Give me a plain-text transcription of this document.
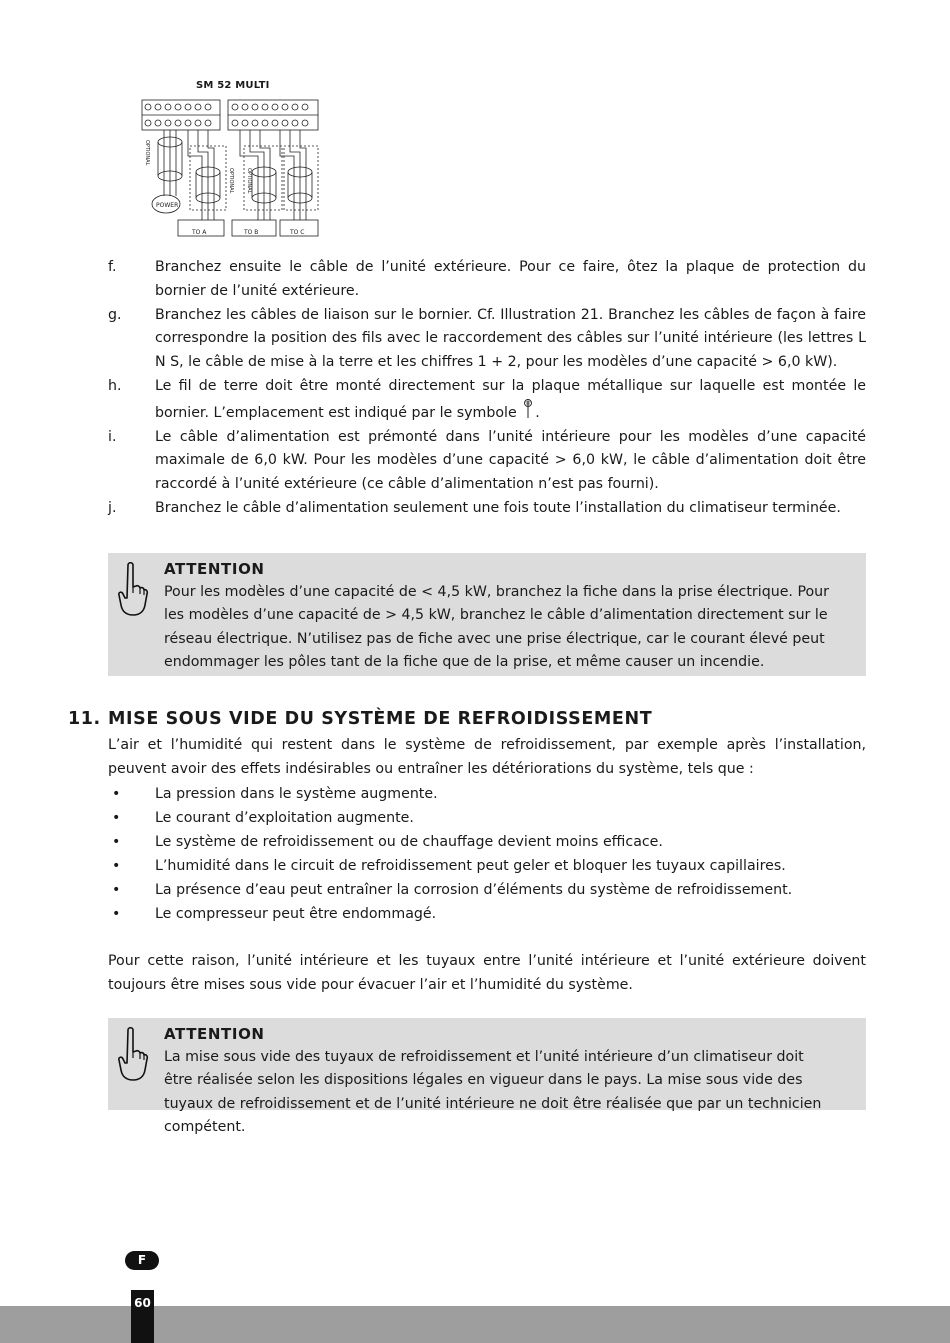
SM 52 MULTI
POWER
OPTIONAL
OPTIONAL OPTIONAL
TO A	TO B	TO C
f.	Branchez ensuite le câble de l’unité extérieure. Pour ce faire, ôtez la plaque de protection du bornier de l’unité extérieure.
g.	Branchez les câbles de liaison sur le bornier. Cf. Illustration 21. Branchez les câbles de façon à faire correspondre la position des fils avec le raccordement des câbles sur l’unité intérieure (les lettres L N S, le câble de mise à la terre et les chiffres 1 + 2, pour les modèles d’une capacité > 6,0 kW).
h.	Le fil de terre doit être monté directement sur la plaque métallique sur laquelle est montée le bornier. L’emplacement est indiqué par le symbole .
i.	Le câble d’alimentation est prémonté dans l’unité intérieure pour les modèles d’une capacité maximale de 6,0 kW. Pour les modèles d’une capacité > 6,0 kW, le câble d’alimentation doit être raccordé à l’unité extérieure (ce câble d’alimentation n’est pas fourni).
j.	Branchez le câble d’alimentation seulement une fois toute l’installation du climatiseur terminée.
ATTENTION
Pour les modèles d’une capacité de < 4,5 kW, branchez la fiche dans la prise électrique. Pour les modèles d’une capacité de > 4,5 kW, branchez le câble d’alimentation directement sur le réseau électrique. N’utilisez pas de fiche avec une prise électrique, car le courant élevé peut endommager les pôles tant de la fiche que de la prise, et même causer un incendie.
11. MISE SOUS VIDE DU SYSTÈME DE REFROIDISSEMENT
L’air et l’humidité qui restent dans le système de refroidissement, par exemple après l’installation, peuvent avoir des effets indésirables ou entraîner les détériorations du système, tels que :
•	La pression dans le système augmente.
•	Le courant d’exploitation augmente.
•	Le système de refroidissement ou de chauffage devient moins efficace.
•	L’humidité dans le circuit de refroidissement peut geler et bloquer les tuyaux capillaires.
•	La présence d’eau peut entraîner la corrosion d’éléments du système de refroidissement.
•	Le compresseur peut être endommagé.
Pour cette raison, l’unité intérieure et les tuyaux entre l’unité intérieure et l’unité extérieure doivent toujours être mises sous vide pour évacuer l’air et l’humidité du système.
ATTENTION
La mise sous vide des tuyaux de refroidissement et l’unité intérieure d’un climatiseur doit être réalisée selon les dispositions légales en vigueur dans le pays. La mise sous vide des tuyaux de refroidissement et de l’unité intérieure ne doit être réalisée que par un technicien compétent.
F
60
